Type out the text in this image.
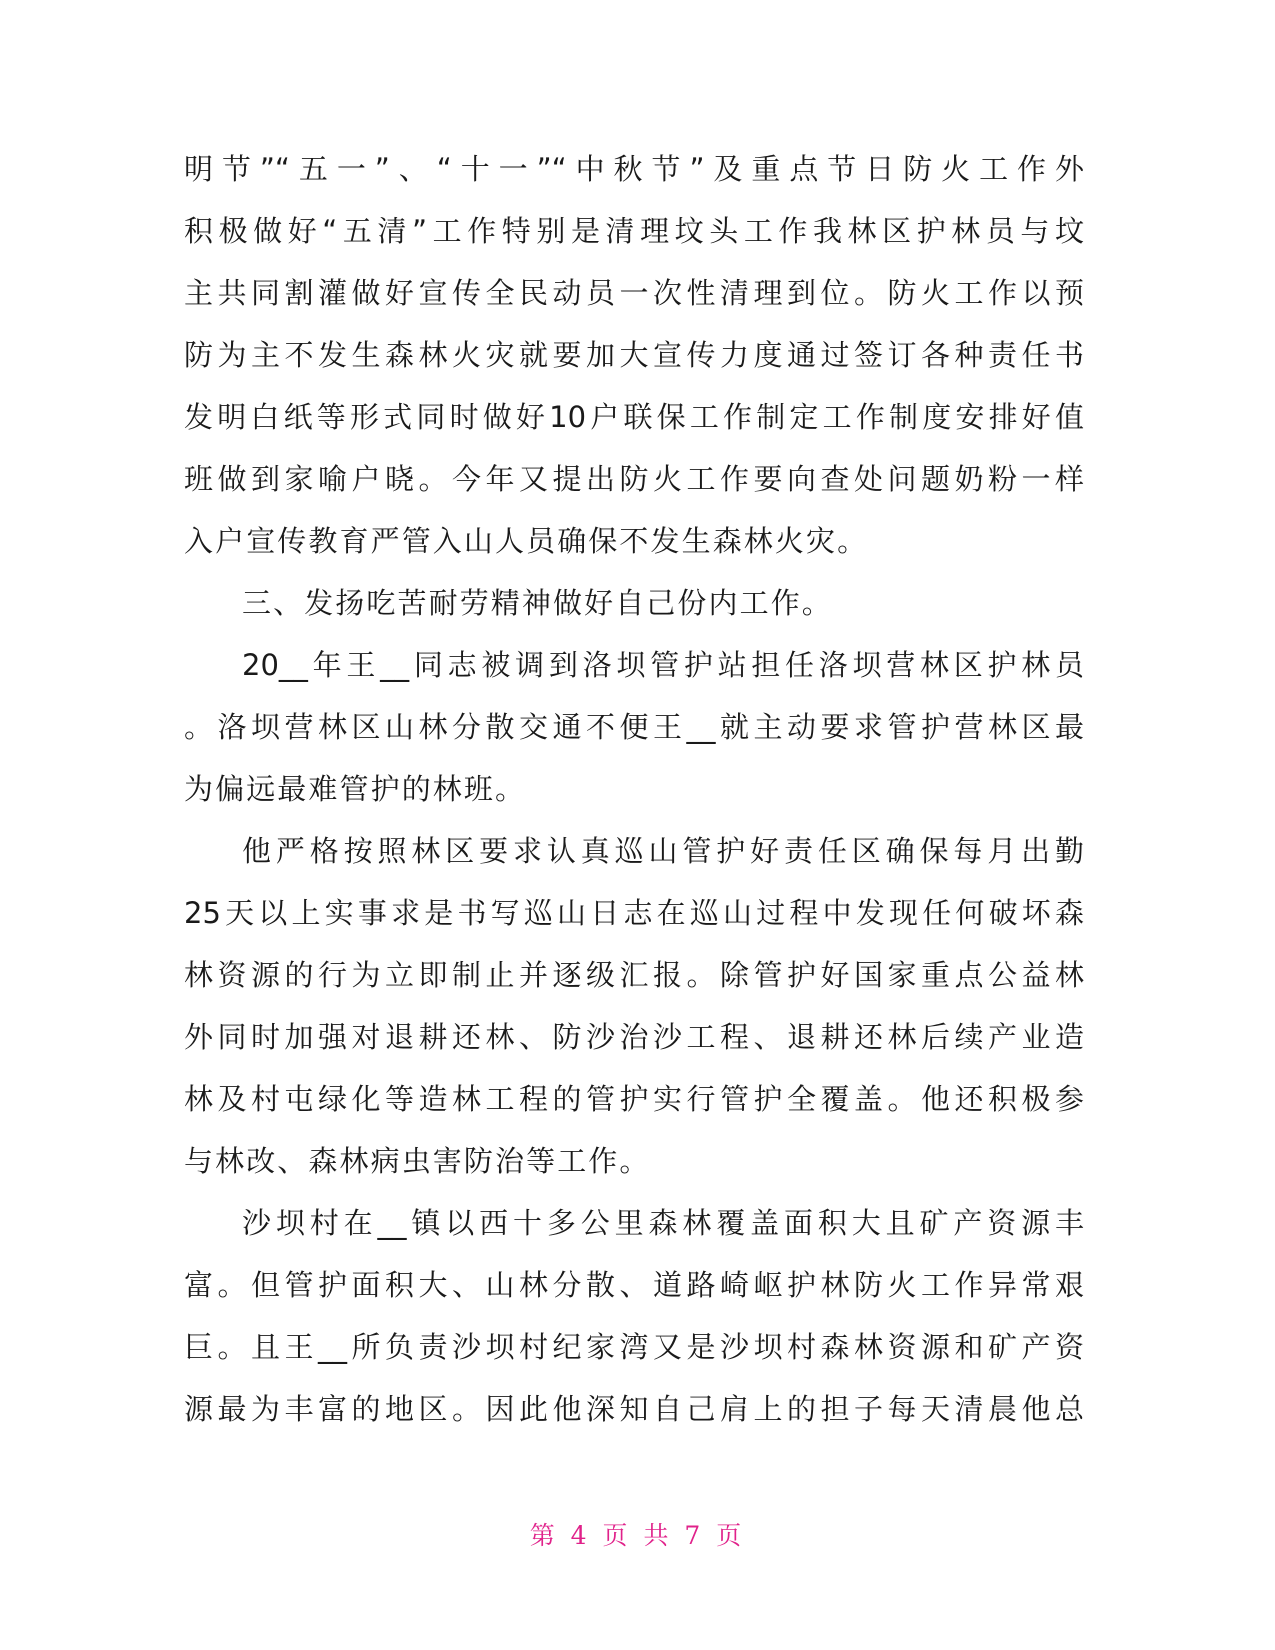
明节”“五一”、“十一”“中秋节”及重点节日防火工作外
积极做好“五清”工作特别是清理坟头工作我林区护林员与坟
主共同割灌做好宣传全民动员一次性清理到位。防火工作以预
防为主不发生森林火灾就要加大宣传力度通过签订各种责任书
发明白纸等形式同时做好10户联保工作制定工作制度安排好值
班做到家喻户晓。今年又提出防火工作要向查处问题奶粉一样
入户宣传教育严管入山人员确保不发生森林火灾。
三、发扬吃苦耐劳精神做好自己份内工作。
20__年王__同志被调到洛坝管护站担任洛坝营林区护林员
。洛坝营林区山林分散交通不便王__就主动要求管护营林区最
为偏远最难管护的林班。
他严格按照林区要求认真巡山管护好责任区确保每月出勤
25天以上实事求是书写巡山日志在巡山过程中发现任何破坏森
林资源的行为立即制止并逐级汇报。除管护好国家重点公益林
外同时加强对退耕还林、防沙治沙工程、退耕还林后续产业造
林及村屯绿化等造林工程的管护实行管护全覆盖。他还积极参
与林改、森林病虫害防治等工作。
沙坝村在__镇以西十多公里森林覆盖面积大且矿产资源丰
富。但管护面积大、山林分散、道路崎岖护林防火工作异常艰
巨。且王__所负责沙坝村纪家湾又是沙坝村森林资源和矿产资
源最为丰富的地区。因此他深知自己肩上的担子每天清晨他总
第 4 页 共 7 页
